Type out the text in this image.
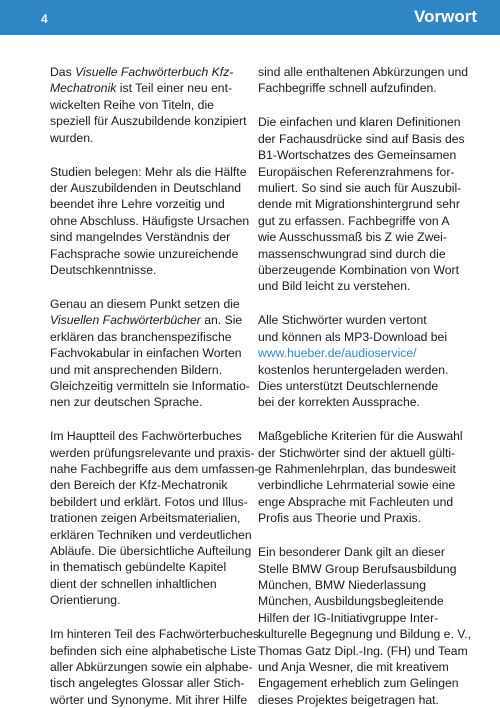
4	Vorwort
Das Visuelle Fachwörterbuch Kfz-
Mechatronik ist Teil einer neu ent-
wickelten Reihe von Titeln, die
speziell für Auszubildende konzipiert
wurden.
Studien belegen: Mehr als die Hälfte
der Auszubildenden in Deutschland
beendet ihre Lehre vorzeitig und
ohne Abschluss. Häufigste Ursachen
sind mangelndes Verständnis der
Fachsprache sowie unzureichende
Deutschkenntnisse.
Genau an diesem Punkt setzen die
Visuellen Fachwörterbücher an. Sie
erklären das branchenspezifische
Fachvokabular in einfachen Worten
und mit ansprechenden Bildern.
Gleichzeitig vermitteln sie Informatio-
nen zur deutschen Sprache.
Im Hauptteil des Fachwörterbuches
werden prüfungsrelevante und praxis-
nahe Fachbegriffe aus dem umfassen-
den Bereich der Kfz-Mechatronik
bebildert und erklärt. Fotos und Illus-
trationen zeigen Arbeitsmaterialien,
erklären Techniken und verdeutlichen
Abläufe. Die übersichtliche Aufteilung
in thematisch gebündelte Kapitel
dient der schnellen inhaltlichen
Orientierung.
Im hinteren Teil des Fachwörterbuches
befinden sich eine alphabetische Liste
aller Abkürzungen sowie ein alphabe-
tisch angelegtes Glossar aller Stich-
wörter und Synonyme. Mit ihrer Hilfe
sind alle enthaltenen Abkürzungen und
Fachbegriffe schnell aufzufinden.
Die einfachen und klaren Definitionen
der Fachausdrücke sind auf Basis des
B1-Wortschatzes des Gemeinsamen
Europäischen Referenzrahmens for-
muliert. So sind sie auch für Auszubil-
dende mit Migrationshintergrund sehr
gut zu erfassen. Fachbegriffe von A
wie Ausschussmaß bis Z wie Zwei-
massenschwungrad sind durch die
überzeugende Kombination von Wort
und Bild leicht zu verstehen.
Alle Stichwörter wurden vertont
und können als MP3-Download bei
www.hueber.de/audioservice/
kostenlos heruntergeladen werden.
Dies unterstützt Deutschlernende
bei der korrekten Aussprache.
Maßgebliche Kriterien für die Auswahl
der Stichwörter sind der aktuell gülti-
ge Rahmenlehrplan, das bundesweit
verbindliche Lehrmaterial sowie eine
enge Absprache mit Fachleuten und
Profis aus Theorie und Praxis.
Ein besonderer Dank gilt an dieser
Stelle BMW Group Berufsausbildung
München, BMW Niederlassung
München, Ausbildungsbegleitende
Hilfen der IG-Initiativgruppe Inter-
kulturelle Begegnung und Bildung e. V.,
Thomas Gatz Dipl.-Ing. (FH) und Team
und Anja Wesner, die mit kreativem
Engagement erheblich zum Gelingen
dieses Projektes beigetragen hat.
